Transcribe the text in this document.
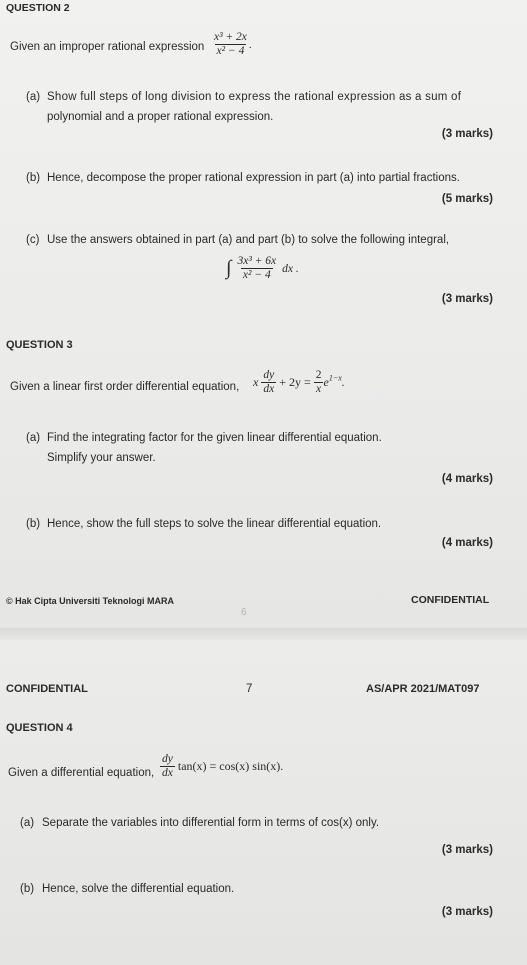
QUESTION 2
Given an improper rational expression $\frac{\text{x³ + 2x}}{\text{x² − 4}}$ .
(a) Show full steps of long division to express the rational expression as a sum of
polynomial and a proper rational expression.
(3 marks)
(b) Hence, decompose the proper rational expression in part (a) into partial fractions.
(5 marks)
(c) Use the answers obtained in part (a) and part (b) to solve the following integral,
∫ $\frac{\text{3x³ + 6x}}{\text{x² − 4}}$ dx .
(3 marks)
QUESTION 3
Given a linear first order differential equation, x $\frac{dy}{dx} + 2y = \frac{2}{x} e^{1-x}$.
(a) Find the integrating factor for the given linear differential equation.
Simplify your answer.
(4 marks)
(b) Hence, show the full steps to solve the linear differential equation.
(4 marks)
© Hak Cipta Universiti Teknologi MARA	CONFIDENTIAL
6
CONFIDENTIAL	7	AS/APR 2021/MAT097
QUESTION 4
Given a differential equation, $\frac{dy}{dx} \tan(x) = \cos(x)$ sin(x).
(a) Separate the variables into differential form in terms of cos(x) only.
(3 marks)
(b) Hence, solve the differential equation.
(3 marks)
